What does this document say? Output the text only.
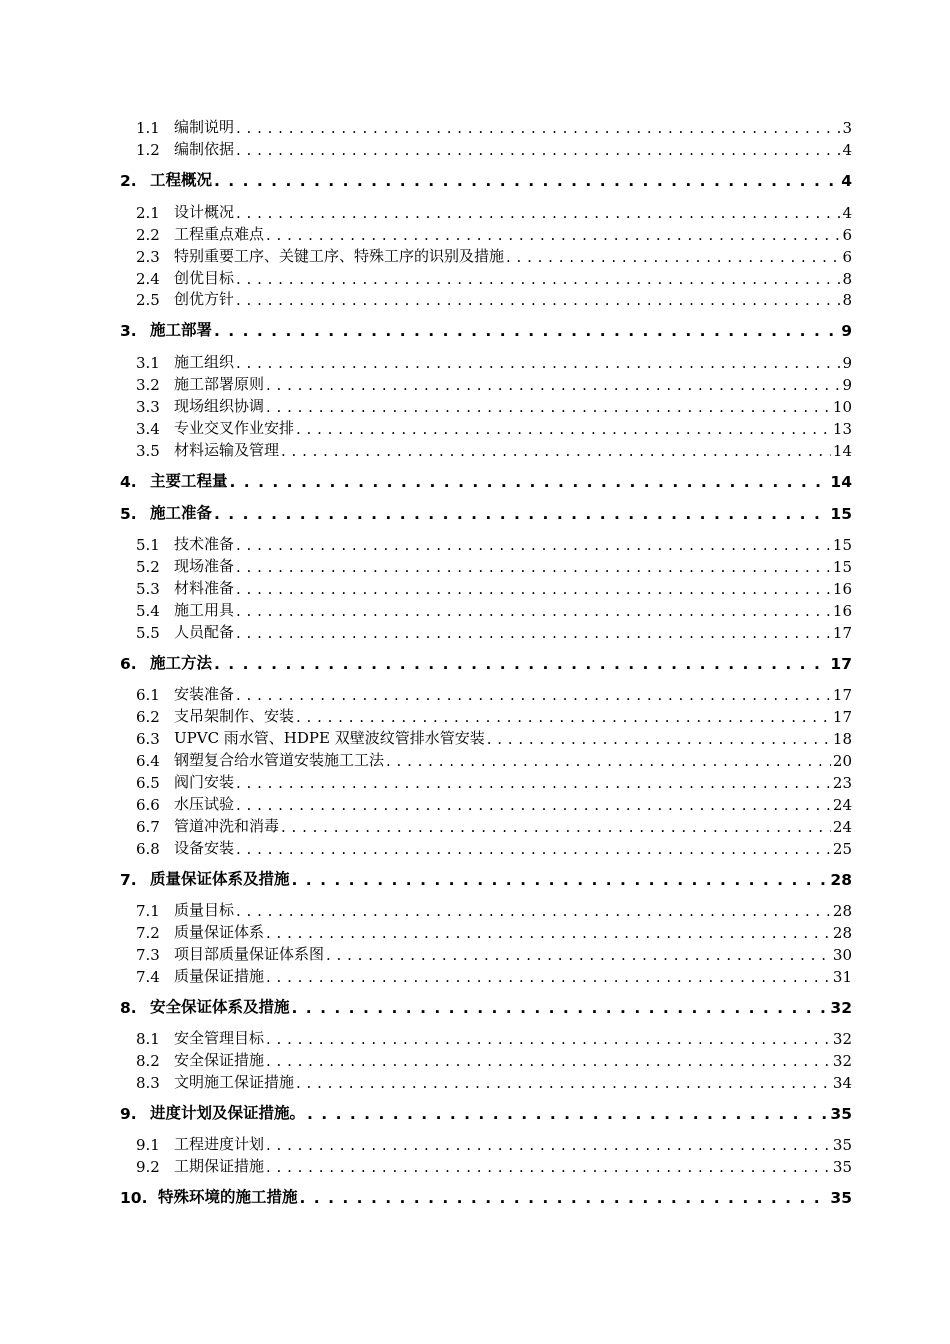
1.1 编制说明 . . .	3
1.2 编制依据 . . .	4
2. 工程概况 . . .	4
2.1 设计概况 . . .	4
2.2 工程重点难点 . . .	6
2.3 特别重要工序、关键工序、特殊工序的识别及措施 . . .	6
2.4 创优目标 . . .	8
2.5 创优方针 . . .	8
3. 施工部署 . . .	9
3.1 施工组织 . . .	9
3.2 施工部署原则 . . .	9
3.3 现场组织协调 . . .	10
3.4 专业交叉作业安排 . . .	13
3.5 材料运输及管理 . . .	14
4. 主要工程量 . . .	14
5. 施工准备 . . .	15
5.1 技术准备 . . .	15
5.2 现场准备 . . .	15
5.3 材料准备 . . .	16
5.4 施工用具 . . .	16
5.5 人员配备 . . .	17
6. 施工方法 . . .	17
6.1 安装准备 . . .	17
6.2 支吊架制作、安装 . . .	17
6.3 UPVC 雨水管、HDPE 双壁波纹管排水管安装 . . .	18
6.4 钢塑复合给水管道安装施工工法 . . .	20
6.5 阀门安装 . . .	23
6.6 水压试验 . . .	24
6.7 管道冲洗和消毒 . . .	24
6.8 设备安装 . . .	25
7. 质量保证体系及措施 . . .	28
7.1 质量目标 . . .	28
7.2 质量保证体系 . . .	28
7.3 项目部质量保证体系图 . . .	30
7.4 质量保证措施 . . .	31
8. 安全保证体系及措施 . . .	32
8.1 安全管理目标 . . .	32
8.2 安全保证措施 . . .	32
8.3 文明施工保证措施 . . .	34
9. 进度计划及保证措施。 . . .	35
9.1 工程进度计划 . . .	35
9.2 工期保证措施 . . .	35
10. 特殊环境的施工措施 . . .	35
